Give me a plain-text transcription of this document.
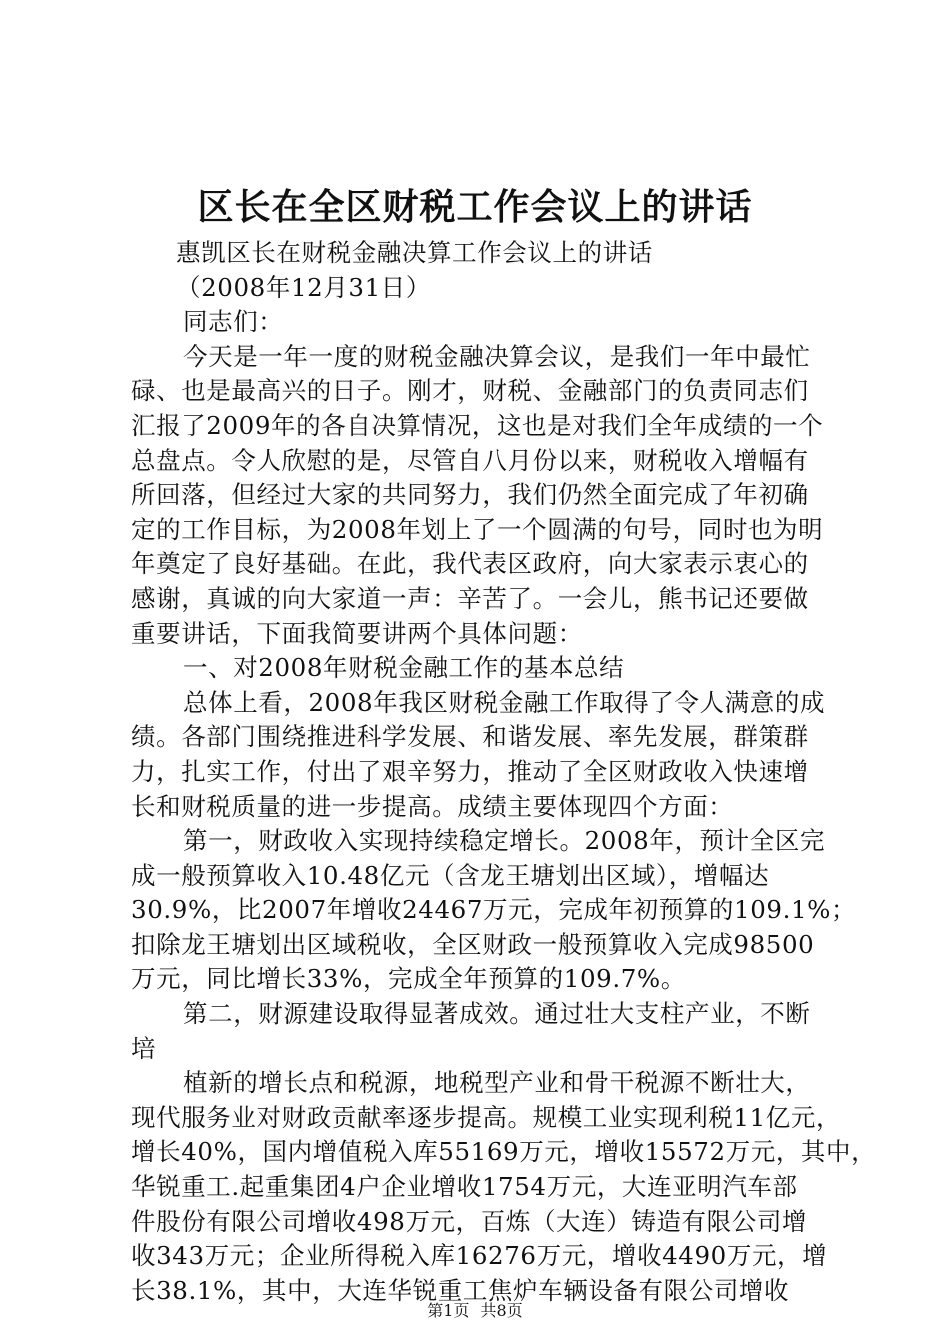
区长在全区财税工作会议上的讲话
惠凯区长在财税金融决算工作会议上的讲话
（2008年12月31日）
同志们：
今天是一年一度的财税金融决算会议，是我们一年中最忙
碌、也是最高兴的日子。刚才，财税、金融部门的负责同志们
汇报了2009年的各自决算情况，这也是对我们全年成绩的一个
总盘点。令人欣慰的是，尽管自八月份以来，财税收入增幅有
所回落，但经过大家的共同努力，我们仍然全面完成了年初确
定的工作目标，为2008年划上了一个圆满的句号，同时也为明
年奠定了良好基础。在此，我代表区政府，向大家表示衷心的
感谢，真诚的向大家道一声：辛苦了。一会儿，熊书记还要做
重要讲话，下面我简要讲两个具体问题：
一、对2008年财税金融工作的基本总结
总体上看，2008年我区财税金融工作取得了令人满意的成
绩。各部门围绕推进科学发展、和谐发展、率先发展，群策群
力，扎实工作，付出了艰辛努力，推动了全区财政收入快速增
长和财税质量的进一步提高。成绩主要体现四个方面：
第一，财政收入实现持续稳定增长。2008年，预计全区完
成一般预算收入10.48亿元（含龙王塘划出区域），增幅达
30.9%，比2007年增收24467万元，完成年初预算的109.1%；
扣除龙王塘划出区域税收，全区财政一般预算收入完成98500
万元，同比增长33%，完成全年预算的109.7%。
第二，财源建设取得显著成效。通过壮大支柱产业，不断
培
植新的增长点和税源，地税型产业和骨干税源不断壮大，
现代服务业对财政贡献率逐步提高。规模工业实现利税11亿元，
增长40%，国内增值税入库55169万元，增收15572万元，其中，
华锐重工.起重集团4户企业增收1754万元，大连亚明汽车部
件股份有限公司增收498万元，百炼（大连）铸造有限公司增
收343万元；企业所得税入库16276万元，增收4490万元，增
长38.1%，其中，大连华锐重工焦炉车辆设备有限公司增收
第1页 共8页
